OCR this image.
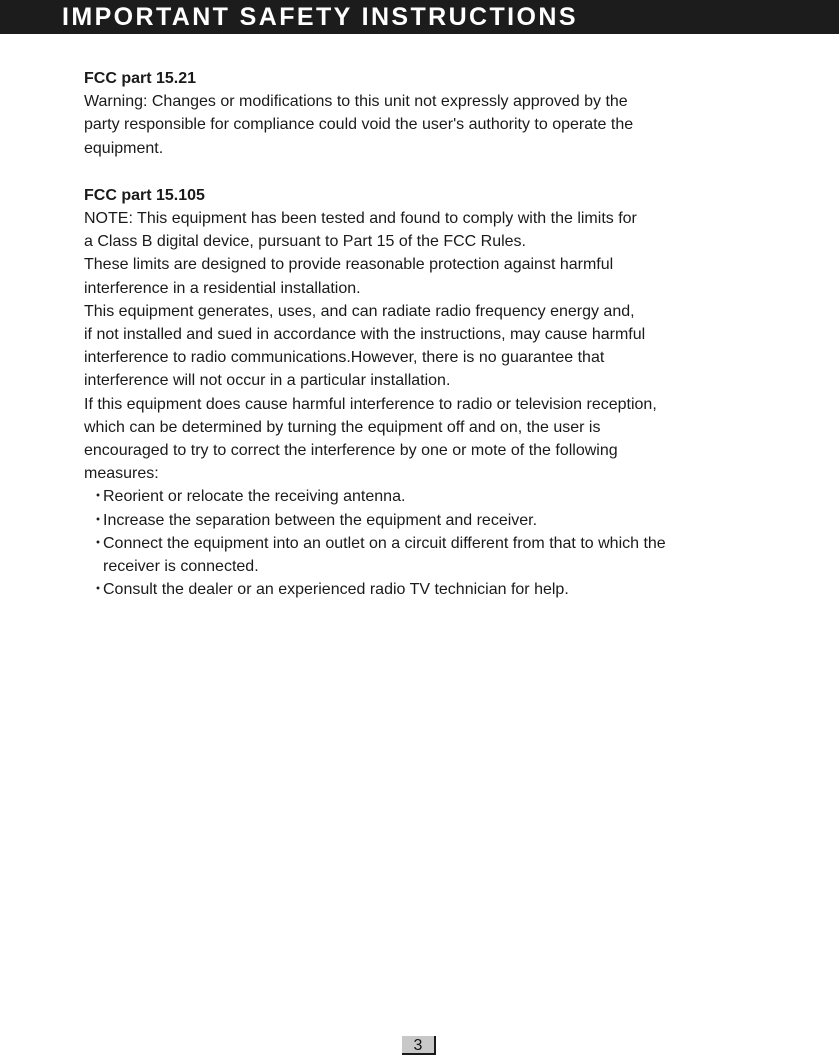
IMPORTANT SAFETY INSTRUCTIONS

FCC part 15.21

Warning: Changes or modifications to this unit not expressly approved by the

party responsible for compliance could void the user's authority to operate the

equipment.

FCC part 15.105

NOTE: This equipment has been tested and found to comply with the limits for

a Class B digital device, pursuant to Part 15 of the FCC Rules.

These limits are designed to provide reasonable protection against harmful

interference in a residential installation.

This equipment generates, uses, and can radiate radio frequency energy and,

if not installed and sued in accordance with the instructions, may cause harmful

interference to radio communications.However, there is no guarantee that

interference will not occur in a particular installation.

If this equipment does cause harmful interference to radio or television reception,

which can be determined by turning the equipment off and on, the user is

encouraged to try to correct the interference by one or mote of the following

measures:

・
Reorient or relocate the receiving antenna.
・
Increase the separation between the equipment and receiver.
・
Connect the equipment into an outlet on a circuit different from that to which the
receiver is connected.
・
Consult the dealer or an experienced radio TV technician for help.
3
